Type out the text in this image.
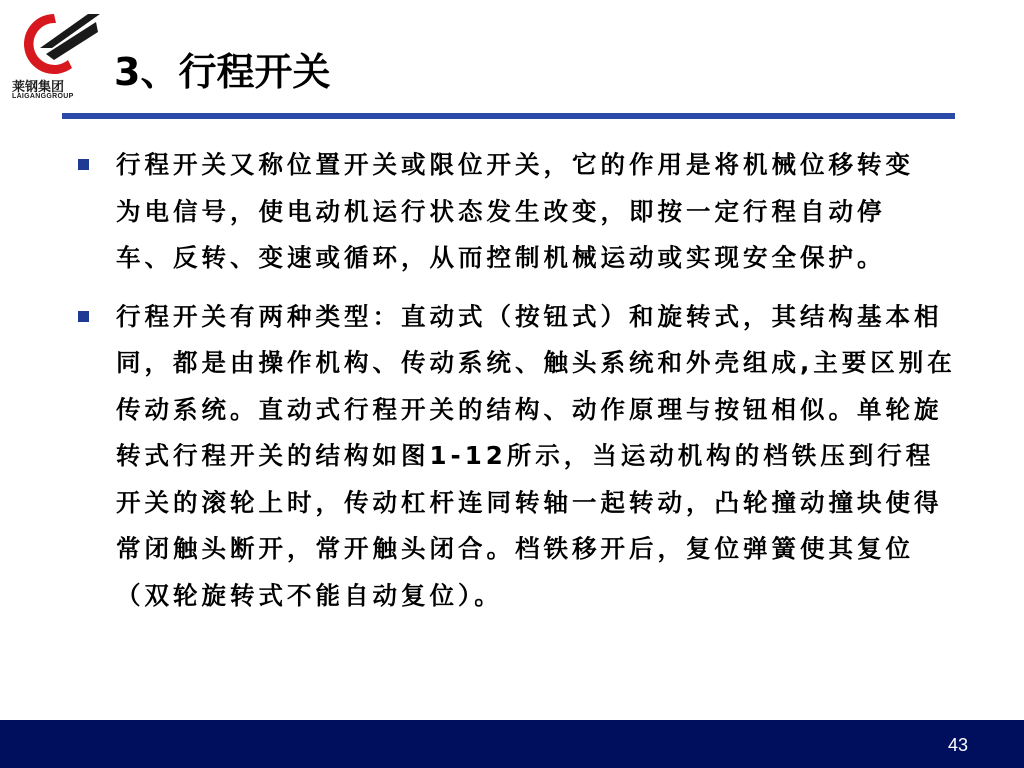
莱钢集团
LAIGANGGROUP
3、行程开关

行程开关又称位置开关或限位开关，它的作用是将机械位移转变为电信号，使电动机运行状态发生改变，即按一定行程自动停车、反转、变速或循环，从而控制机械运动或实现安全保护。

行程开关有两种类型：直动式（按钮式）和旋转式，其结构基本相同，都是由操作机构、传动系统、触头系统和外壳组成,主要区别在传动系统。直动式行程开关的结构、动作原理与按钮相似。单轮旋转式行程开关的结构如图1-12所示，当运动机构的档铁压到行程开关的滚轮上时，传动杠杆连同转轴一起转动，凸轮撞动撞块使得常闭触头断开，常开触头闭合。档铁移开后，复位弹簧使其复位（双轮旋转式不能自动复位）。

43
